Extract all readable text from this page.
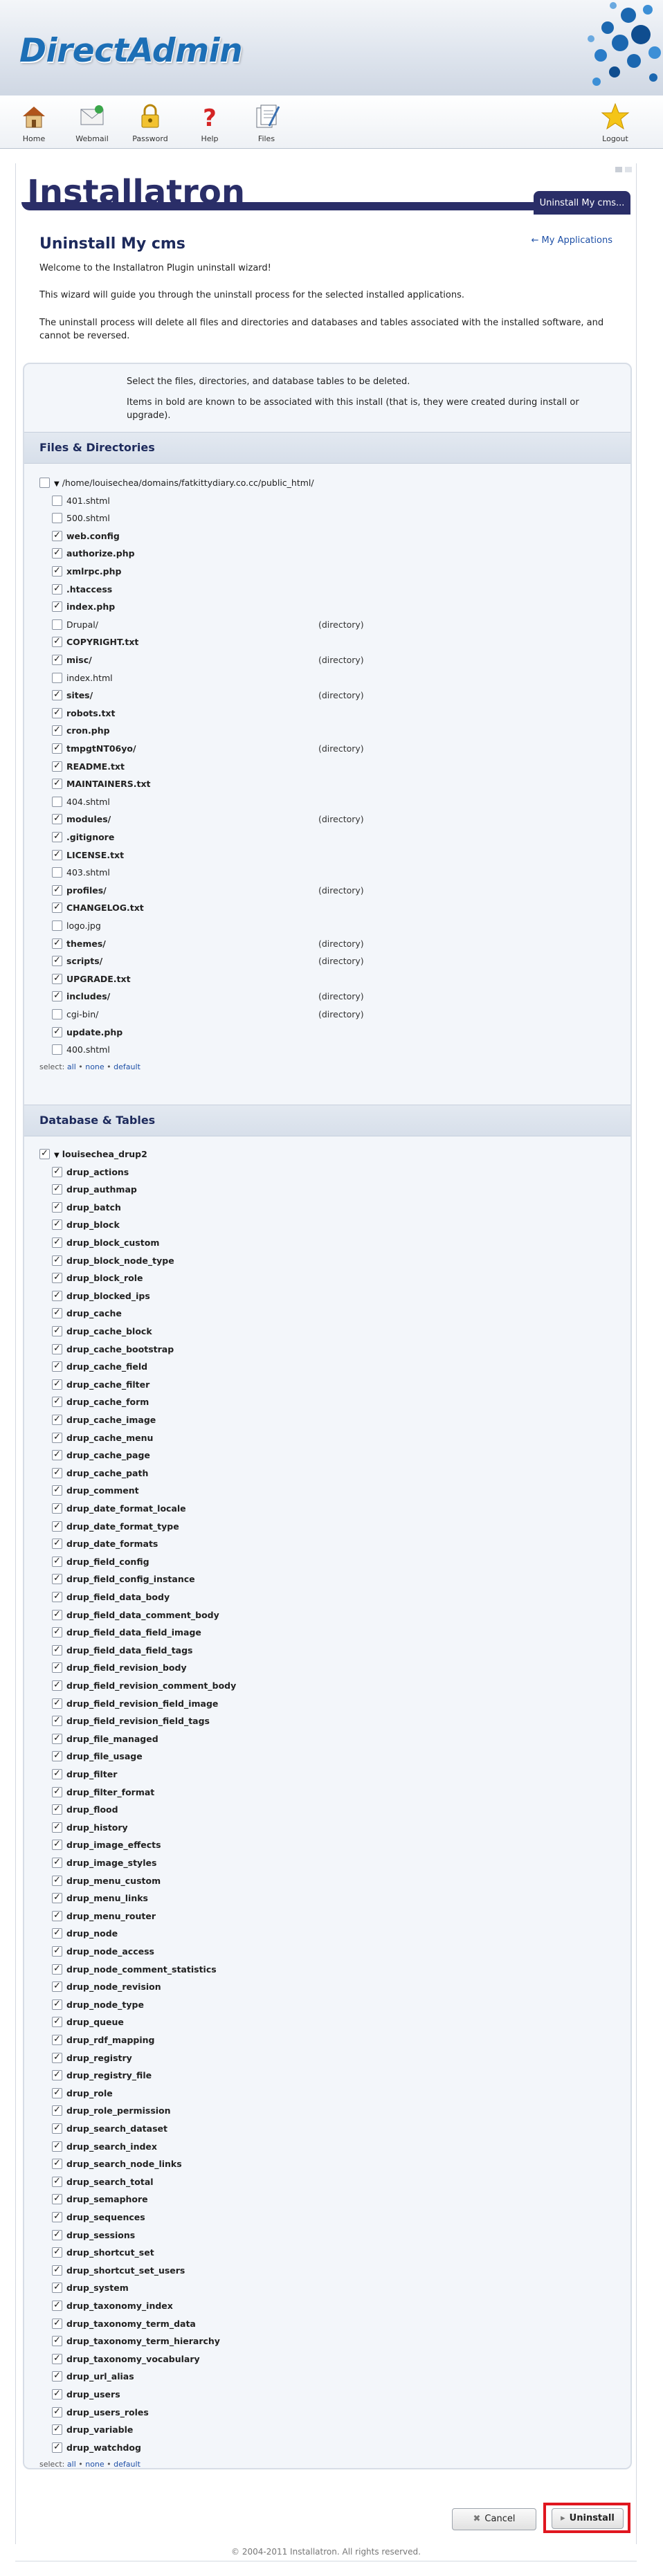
DirectAdmin
Home	Webmail	Password
?
Help	Files	Logout
Installatron	Uninstall My cms...
Uninstall My cms	← My Applications

Welcome to the Installatron Plugin uninstall wizard!

This wizard will guide you through the uninstall process for the selected installed applications.

The uninstall process will delete all files and directories and databases and tables associated with the installed software, and cannot be reversed.

Select the files, directories, and database tables to be deleted.
Items in bold are known to be associated with this install (that is, they were created during install or upgrade).
Files & Directories
▼ /home/louisechea/domains/fatkittydiary.co.cc/public_html/
401.shtml
500.shtml
✓web.config
✓authorize.php
✓xmlrpc.php
✓.htaccess
✓index.php
Drupal/	(directory)
✓COPYRIGHT.txt
✓misc/	(directory)
index.html
✓sites/	(directory)
✓robots.txt
✓cron.php
✓tmpgtNT06yo/	(directory)
✓README.txt
✓MAINTAINERS.txt
404.shtml
✓modules/	(directory)
✓.gitignore
✓LICENSE.txt
403.shtml
✓profiles/	(directory)
✓CHANGELOG.txt
logo.jpg
✓themes/	(directory)
✓scripts/	(directory)
✓UPGRADE.txt
✓includes/	(directory)
cgi-bin/	(directory)
✓update.php
400.shtml
select: all • none • default
Database & Tables
✓▼ louisechea_drup2
✓drup_actions
✓drup_authmap
✓drup_batch
✓drup_block
✓drup_block_custom
✓drup_block_node_type
✓drup_block_role
✓drup_blocked_ips
✓drup_cache
✓drup_cache_block
✓drup_cache_bootstrap
✓drup_cache_field
✓drup_cache_filter
✓drup_cache_form
✓drup_cache_image
✓drup_cache_menu
✓drup_cache_page
✓drup_cache_path
✓drup_comment
✓drup_date_format_locale
✓drup_date_format_type
✓drup_date_formats
✓drup_field_config
✓drup_field_config_instance
✓drup_field_data_body
✓drup_field_data_comment_body
✓drup_field_data_field_image
✓drup_field_data_field_tags
✓drup_field_revision_body
✓drup_field_revision_comment_body
✓drup_field_revision_field_image
✓drup_field_revision_field_tags
✓drup_file_managed
✓drup_file_usage
✓drup_filter
✓drup_filter_format
✓drup_flood
✓drup_history
✓drup_image_effects
✓drup_image_styles
✓drup_menu_custom
✓drup_menu_links
✓drup_menu_router
✓drup_node
✓drup_node_access
✓drup_node_comment_statistics
✓drup_node_revision
✓drup_node_type
✓drup_queue
✓drup_rdf_mapping
✓drup_registry
✓drup_registry_file
✓drup_role
✓drup_role_permission
✓drup_search_dataset
✓drup_search_index
✓drup_search_node_links
✓drup_search_total
✓drup_semaphore
✓drup_sequences
✓drup_sessions
✓drup_shortcut_set
✓drup_shortcut_set_users
✓drup_system
✓drup_taxonomy_index
✓drup_taxonomy_term_data
✓drup_taxonomy_term_hierarchy
✓drup_taxonomy_vocabulary
✓drup_url_alias
✓drup_users
✓drup_users_roles
✓drup_variable
✓drup_watchdog
select: all • none • default
✖ Cancel	▸ Uninstall
© 2004-2011 Installatron. All rights reserved.
